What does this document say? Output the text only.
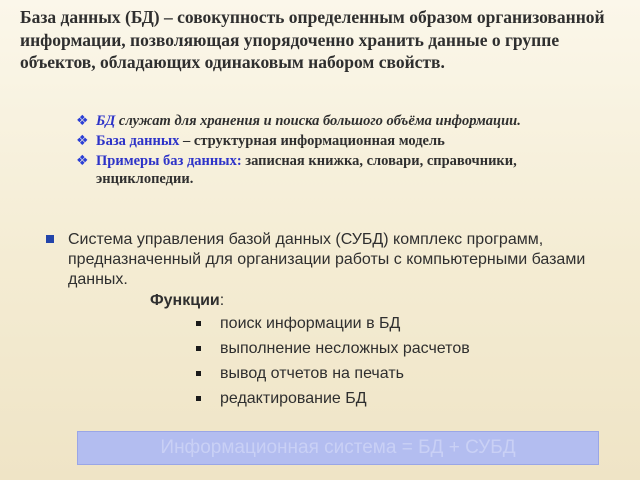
База данных (БД) – совокупность определенным образом организованной информации, позволяющая упорядоченно хранить данные о группе объектов, обладающих одинаковым набором свойств.

❖ БД служат для хранения и поиска большого объёма информации.
❖ База данных – структурная информационная модель
❖ Примеры баз данных: записная книжка, словари, справочники, энциклопедии.
Система управления базой данных (СУБД) комплекс программ, предназначенный для организации работы с компьютерными базами данных.
Функции:
поиск информации в БД
выполнение несложных расчетов
вывод отчетов на печать
редактирование БД
Информационная система = БД + СУБД
